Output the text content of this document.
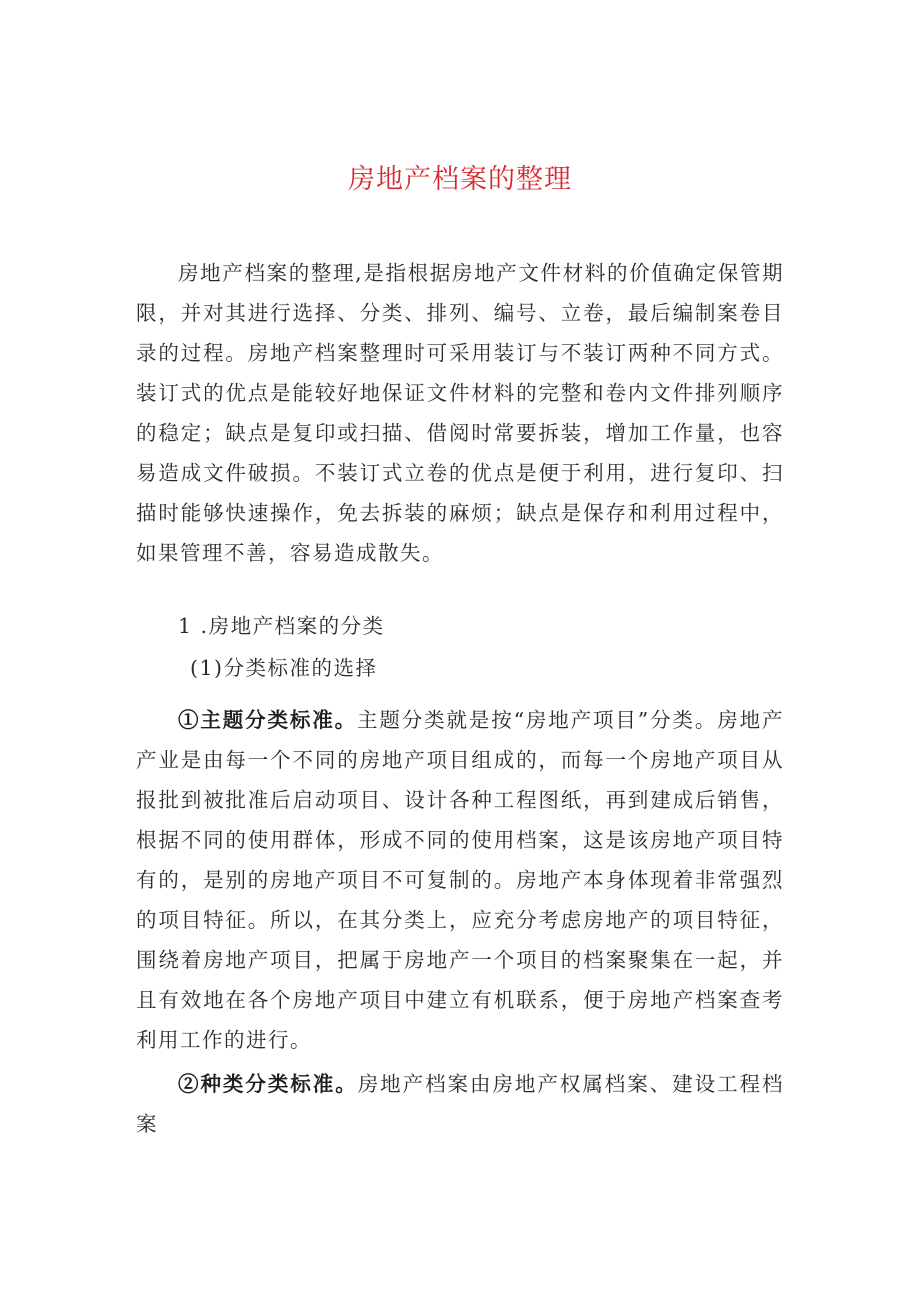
房地产档案的整理

房地产档案的整理,是指根据房地产文件材料的价值确定保管期限，并对其进行选择、分类、排列、编号、立卷，最后编制案卷目录的过程。房地产档案整理时可采用装订与不装订两种不同方式。装订式的优点是能较好地保证文件材料的完整和卷内文件排列顺序的稳定；缺点是复印或扫描、借阅时常要拆装，增加工作量，也容易造成文件破损。不装订式立卷的优点是便于利用，进行复印、扫描时能够快速操作，免去拆装的麻烦；缺点是保存和利用过程中，如果管理不善，容易造成散失。

1 .房地产档案的分类
(1)分类标准的选择

①主题分类标准。主题分类就是按“房地产项目”分类。房地产产业是由每一个不同的房地产项目组成的，而每一个房地产项目从报批到被批准后启动项目、设计各种工程图纸，再到建成后销售，根据不同的使用群体，形成不同的使用档案，这是该房地产项目特有的，是别的房地产项目不可复制的。房地产本身体现着非常强烈的项目特征。所以，在其分类上，应充分考虑房地产的项目特征，围绕着房地产项目，把属于房地产一个项目的档案聚集在一起，并且有效地在各个房地产项目中建立有机联系，便于房地产档案查考利用工作的进行。

②种类分类标准。房地产档案由房地产权属档案、建设工程档案
